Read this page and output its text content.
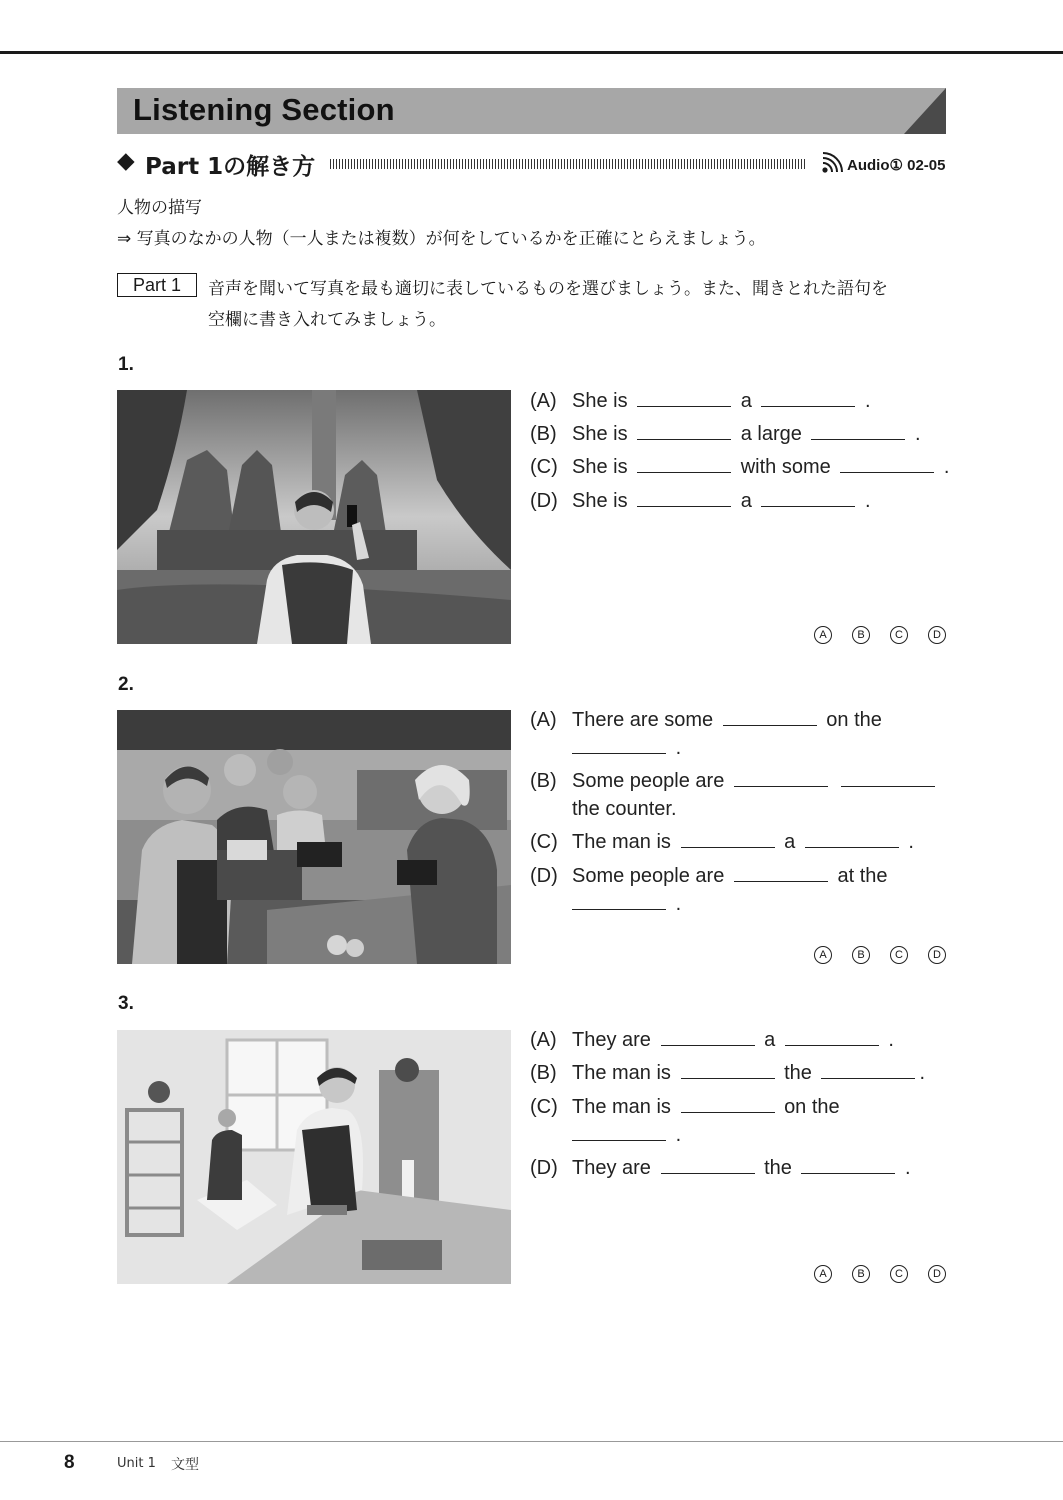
Listening Section
◆ Part 1の解き方	Audio① 02-05
人物の描写
⇒ 写真のなかの人物（一人または複数）が何をしているかを正確にとらえましょう。
Part 1	音声を聞いて写真を最も適切に表しているものを選びましょう。また、聞きとれた語句を
空欄に書き入れてみましょう。
1.
(A) She is	a	.
(B) She is	a large	.
(C) She is	with some	.
(D) She is	a	.
A	B	C	D
2.
(A) There are some	on the
.
(B) Some people are
the counter.
(C) The man is	a	.
(D) Some people are	at the
.
A	B	C	D
3.
(A) They are	a	.
(B) The man is	the	.
(C) The man is	on the
.
(D) They are	the	.
A	B	C	D
8	Unit 1 文型
